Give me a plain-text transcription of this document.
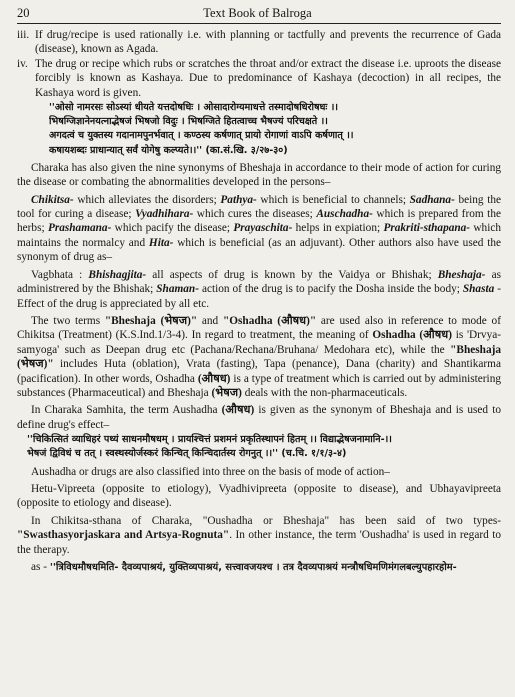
20	Text Book of Balroga
iii. If drug/recipe is used rationally i.e. with planning or tactfully and prevents the recurrence of Gada (disease), known as Agada.

iv. The drug or recipe which rubs or scratches the throat and/or extract the disease i.e. uproots the disease forcibly is known as Kashaya. Due to predominance of Kashaya (decoction) in all recipes, the Kashaya word is given.

''ओसो नामरसः सोऽस्यां धीयते यत्तदोषधिः । ओसादारोग्यमाधत्ते तस्मादोषधिरोषधः ।।
भिषग्जिज्ञानेनयत्नाद्भेषजं भिषजो विदुः । भिषग्जिते हितत्वाच्च भैषज्यं परिचक्षते ।।
अगदत्वं च युक्तस्य गदानामपुनर्भवात् । कण्ठस्य कर्षणात् प्रायो रोगाणां वाऽपि कर्षणात् ।।
कषायशब्दः प्राधान्यात् सर्वं योगेषु कल्प्यते।।'' (का.सं.खि. ३/२७-३०)

Charaka has also given the nine synonyms of Bheshaja in accordance to their mode of action for curing the disease or combating the abnormalities developed in the persons–

Chikitsa- which alleviates the disorders; Pathya- which is beneficial to channels; Sadhana- being the tool for curing a disease; Vyadhihara- which cures the diseases; Auschadha- which is prepared from the herbs; Prashamana- which pacify the disease; Prayaschita- helps in expiation; Prakriti-sthapana- which maintains the normalcy and Hita- which is beneficial (as an adjuvant). Other authors also have used the synonym of drug as–

Vagbhata : Bhishagjita- all aspects of drug is known by the Vaidya or Bhishak; Bheshaja- as administrered by the Bhishak; Shaman- action of the drug is to pacify the Dosha inside the body; Shasta - Effect of the drug is appreciated by all etc.

The two terms "Bheshaja (भेषज)" and "Oshadha (औषध)" are used also in reference to mode of Chikitsa (Treatment) (K.S.Ind.1/3-4). In regard to treatment, the meaning of Oshadha (औषध) is 'Drvya-samyoga' such as Deepan drug etc (Pachana/Rechana/Bruhana/ Medohara etc), while the "Bheshaja (भेषज)" includes Huta (oblation), Vrata (fasting), Tapa (penance), Dana (charity) and Shantikarma (pacification). In other words, Oshadha (औषध) is a type of treatment which is carried out by administering substances (Pharmaceutical) and Bheshaja (भेषज) deals with the non-pharmaceuticals.

In Charaka Samhita, the term Aushadha (औषध) is given as the synonym of Bheshaja and is used to define drug's effect–

''चिकित्सितं व्याधिहरं पथ्यं साधनमौषधम् । प्रायश्चित्तं प्रशमनं प्रकृतिस्थापनं हितम् ।। विद्याद्भेषजनामानि-।।
भेषजं द्विविधं च तत् । स्वस्थस्योर्जस्करं किन्चित् किन्चिदार्तस्य रोगनुत् ।।'' (च.चि. १/१/३-४)

Aushadha or drugs are also classified into three on the basis of mode of action–

Hetu-Vipreeta (opposite to etiology), Vyadhivipreeta (opposite to disease), and Ubhayavipreeta (opposite to etiology and disease).

In Chikitsa-sthana of Charaka, "Oushadha or Bheshaja" has been said of two types-"Swasthasyorjaskara and Artsya-Rognuta". In other instance, the term 'Oushadha' is used in regard to the therapy.

as - ''त्रिविधमौषधमिति- दैवव्यपाश्रयं, युक्तिव्यपाश्रयं, सत्त्वावजयश्च । तत्र दैवव्यपाश्रयं मन्त्रौषधिमणिमंगलबल्युपहारहोम-
